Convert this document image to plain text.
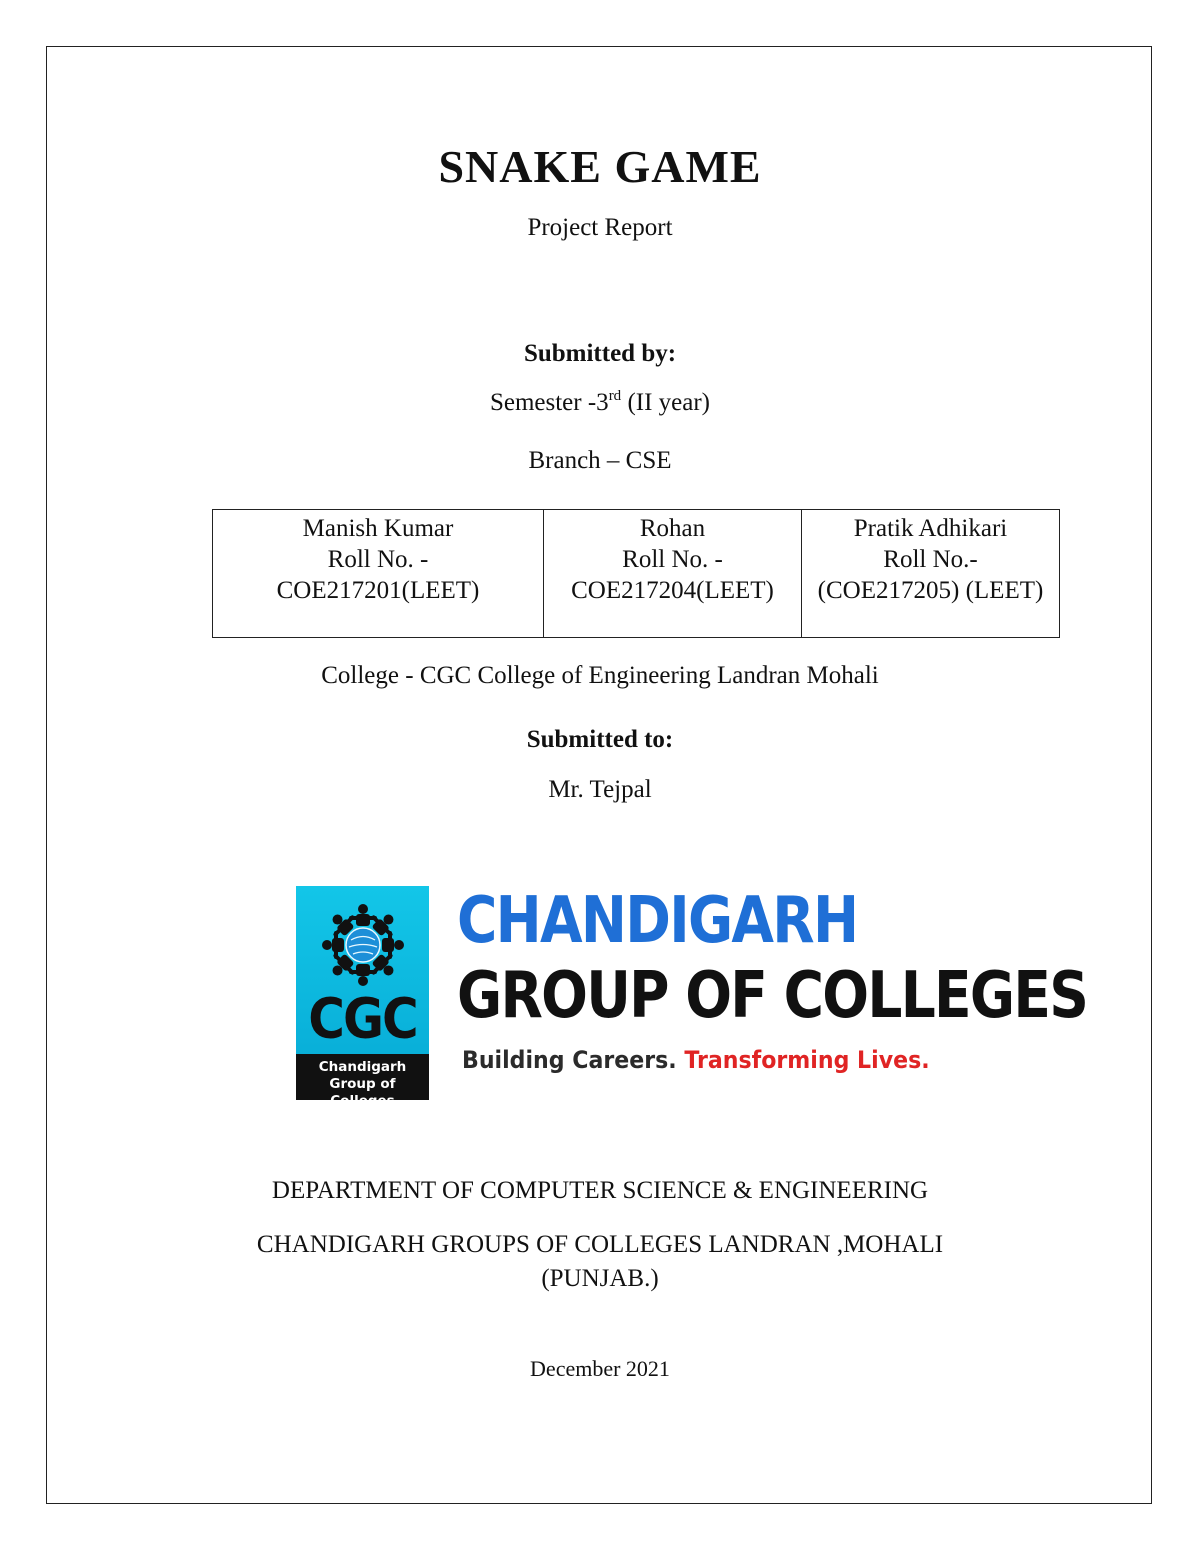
SNAKE GAME
Project Report
Submitted by:
Semester -3rd (II year)
Branch – CSE
Manish Kumar
Roll No. -
COE217201(LEET)

Rohan
Roll No. -
COE217204(LEET)

Pratik Adhikari
Roll No.-
(COE217205) (LEET)
College - CGC College of Engineering Landran Mohali
Submitted to:
Mr. Tejpal
CGC
Chandigarh
Group of Colleges
CHANDIGARH
GROUP OF COLLEGES
Building Careers. Transforming Lives.
DEPARTMENT OF COMPUTER SCIENCE & ENGINEERING
CHANDIGARH GROUPS OF COLLEGES LANDRAN ,MOHALI
(PUNJAB.)
December 2021
